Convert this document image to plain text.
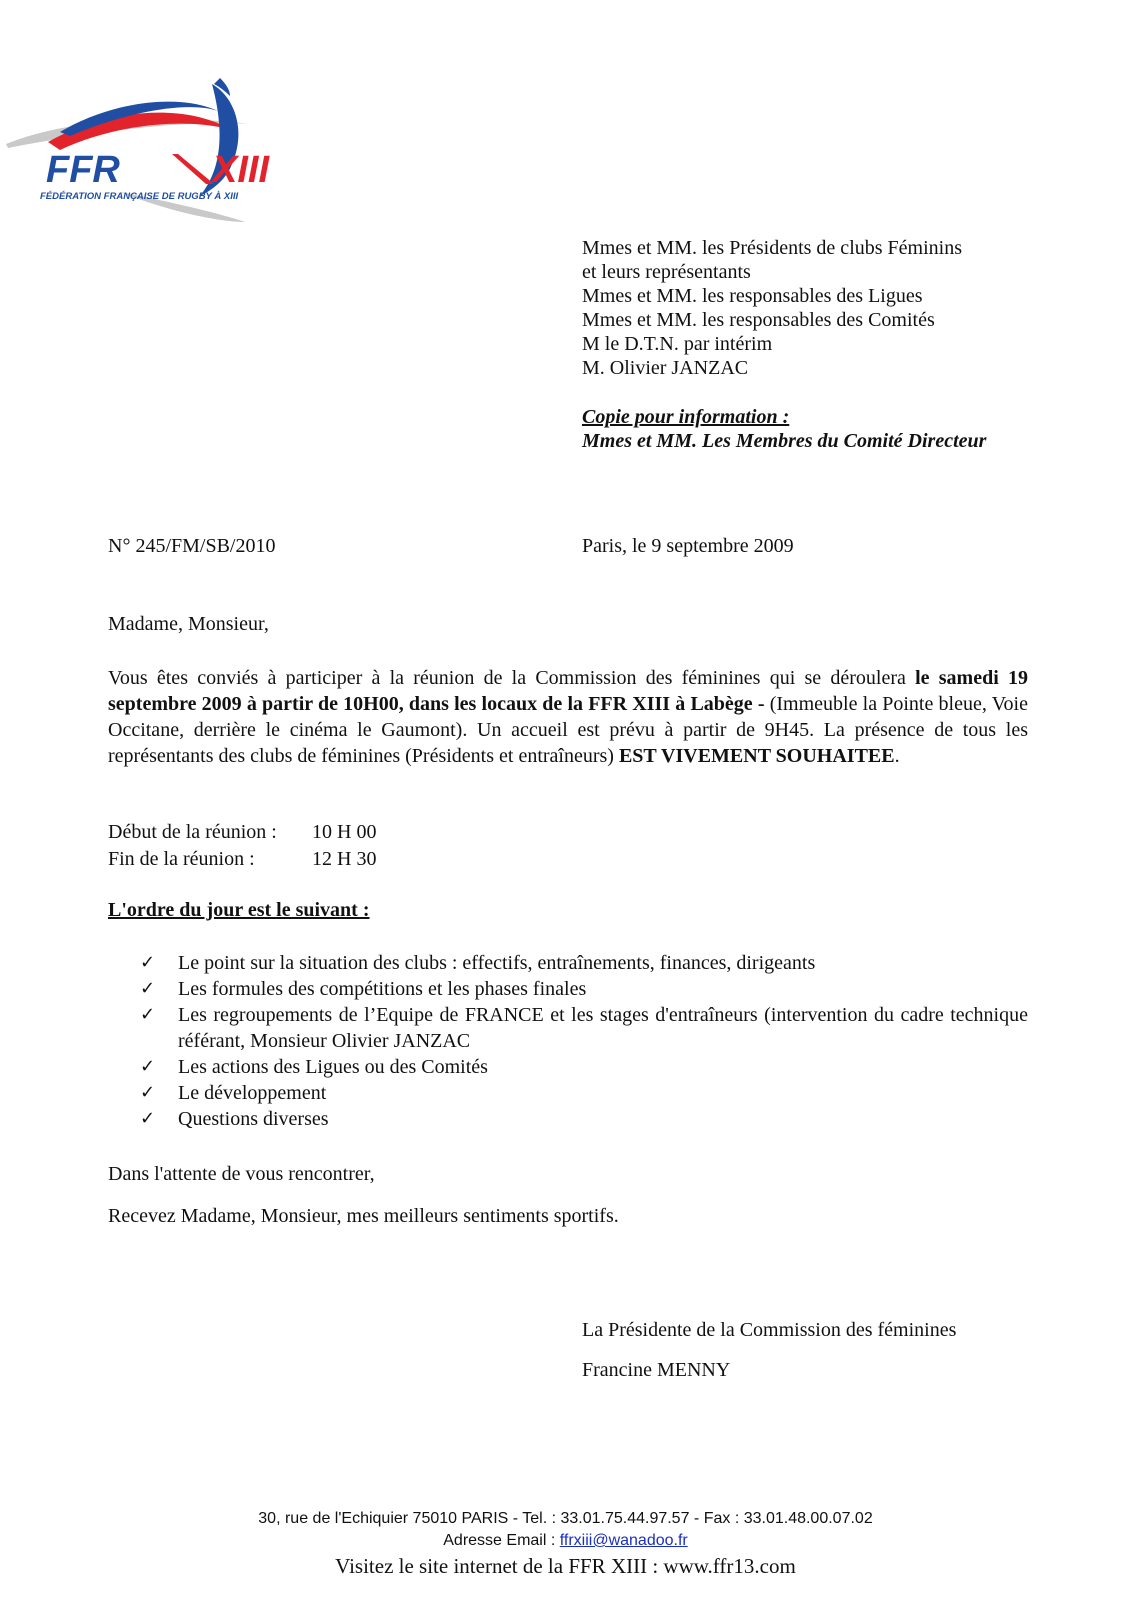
FFR XIII
FÉDÉRATION FRANÇAISE DE RUGBY À XIII
Mmes et MM. les Présidents de clubs Féminins
et leurs représentants
Mmes et MM. les responsables des Ligues
Mmes et MM. les responsables des Comités
M le D.T.N. par intérim
M. Olivier JANZAC
Copie pour information :
Mmes et MM. Les Membres du Comité Directeur
N° 245/FM/SB/2010	Paris, le 9 septembre 2009
Madame, Monsieur,
Vous êtes conviés à participer à la réunion de la Commission des féminines qui se déroulera le samedi 19 septembre 2009 à partir de 10H00, dans les locaux de la FFR XIII à Labège - (Immeuble la Pointe bleue, Voie Occitane, derrière le cinéma le Gaumont). Un accueil est prévu à partir de 9H45. La présence de tous les représentants des clubs de féminines (Présidents et entraîneurs) EST VIVEMENT SOUHAITEE.
Début de la réunion :	10 H 00
Fin de la réunion :	12 H 30
L'ordre du jour est le suivant :
✓	Le point sur la situation des clubs : effectifs, entraînements, finances, dirigeants
✓	Les formules des compétitions et les phases finales
✓	Les regroupements de l’Equipe de FRANCE et les stages d'entraîneurs (intervention du cadre technique référant, Monsieur Olivier JANZAC
✓	Les actions des Ligues ou des Comités
✓	Le développement
✓	Questions diverses
Dans l'attente de vous rencontrer,
Recevez Madame, Monsieur, mes meilleurs sentiments sportifs.
La Présidente de la Commission des féminines
Francine MENNY
30, rue de l'Echiquier 75010 PARIS - Tel. : 33.01.75.44.97.57 - Fax : 33.01.48.00.07.02
Adresse Email : ffrxiii@wanadoo.fr
Visitez le site internet de la FFR XIII : www.ffr13.com
